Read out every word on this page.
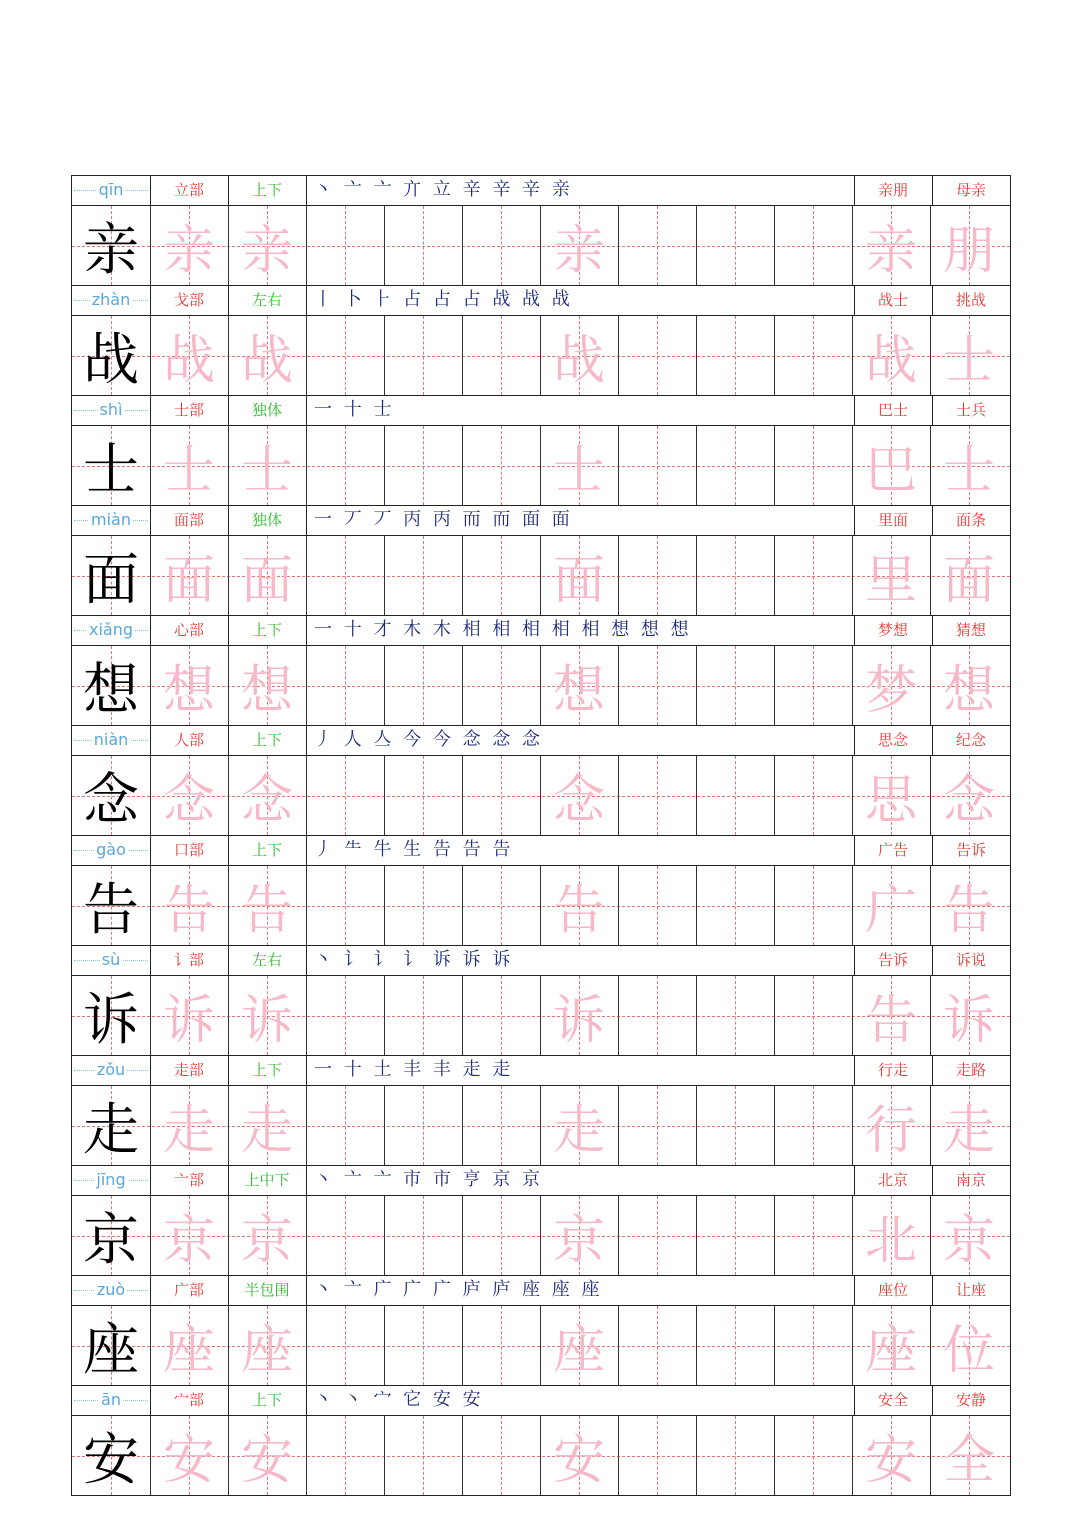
qīn	立部	上下	丶 亠 亠 亣 立 辛 辛 辛 亲	亲朋	母亲
亲 亲 亲	亲	亲 朋
zhàn	戈部	左右	丨 卜 ⺊ 占 占 占 战 战 战	战士	挑战
战 战 战	战	战 士
shì	士部	独体	一 十 士	巴士	士兵
士 士 士	士	巴 士
miàn	面部	独体	一 丆 丆 丙 丙 而 而 面 面	里面	面条
面 面 面	面	里 面
xiǎng	心部	上下	一 十 才 木 木 相 相 相 相 相 想 想 想	梦想	猜想
想 想 想	想	梦 想
niàn	人部	上下	丿 人 亼 今 今 念 念 念	思念	纪念
念 念 念	念	思 念
gào	口部	上下	丿 ⺧ 牛 生 告 告 告	广告	告诉
告 告 告	告	广 告
sù	讠部	左右	丶 讠 讠 讠 诉 诉 诉	告诉	诉说
诉 诉 诉	诉	告 诉
zǒu	走部	上下	一 十 土 丰 丰 走 走	行走	走路
走 走 走	走	行 走
jīng	亠部	上中下	丶 亠 亠 市 市 亨 京 京	北京	南京
京 京 京	京	北 京
zuò	广部	半包围	丶 亠 广 广 广 庐 庐 座 座 座	座位	让座
座 座 座	座	座 位
ān	宀部	上下	丶 丶 宀 它 安 安	安全	安静
安 安 安	安	安 全
